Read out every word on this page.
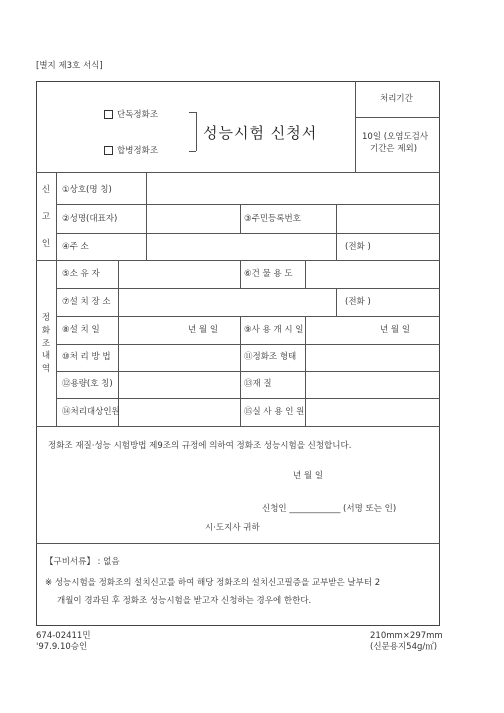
[별지 제3호 서식]
단독정화조
합병정화조
성능시험 신청서
처리기간
10일 (오염도검사
기간은 제외)
신
고
인
①상호(명 칭)
②성명(대표자)	③주민등록번호
④주 소	(전화 )
정
화
조
내
역
⑤소 유 자	⑥건 물 용 도
⑦설 치 장 소	(전화 )
⑧설 치 일	년 월 일	⑨사 용 개 시 일	년 월 일
⑩처 리 방 법	⑪정화조 형태
⑫용량(호 칭)	⑬재 질
⑭처리대상인원	⑮실 사 용 인 원
정화조 재질·성능 시험방법 제9조의 규정에 의하여 정화조 성능시험을 신청합니다.
년 월 일
신청인 ____________ (서명 또는 인)
시·도지사 귀하
【구비서류】 : 없음
※ 성능시험을 정화조의 설치신고를 하여 해당 정화조의 설치신고필증을 교부받은 날부터 2
개월이 경과된 후 정화조 성능시험을 받고자 신청하는 경우에 한한다.
674-02411민
'97.9.10승인
210mm×297mm
(신문용지54g/㎡)
